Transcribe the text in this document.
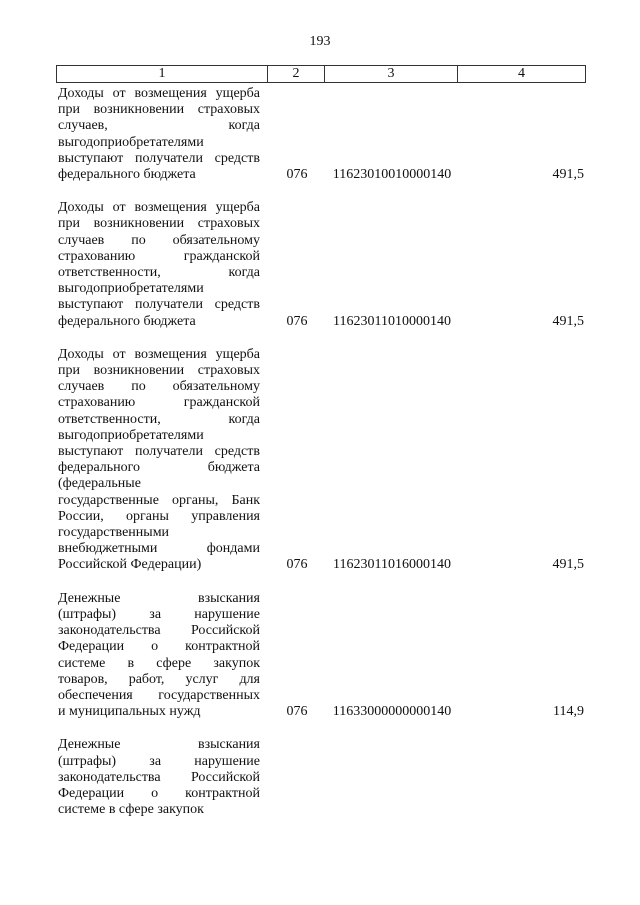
193
1	2	3	4
Доходы от возмещения ущерба
при возникновении страховых
случаев, когда
выгодоприобретателями
выступают получатели средств
федерального бюджета	076	11623010010000140	491,5
Доходы от возмещения ущерба
при возникновении страховых
случаев по обязательному
страхованию гражданской
ответственности, когда
выгодоприобретателями
выступают получатели средств
федерального бюджета	076	11623011010000140	491,5
Доходы от возмещения ущерба
при возникновении страховых
случаев по обязательному
страхованию гражданской
ответственности, когда
выгодоприобретателями
выступают получатели средств
федерального бюджета
(федеральные
государственные органы, Банк
России, органы управления
государственными
внебюджетными фондами
Российской Федерации)	076	11623011016000140	491,5
Денежные взыскания
(штрафы) за нарушение
законодательства Российской
Федерации о контрактной
системе в сфере закупок
товаров, работ, услуг для
обеспечения государственных
и муниципальных нужд	076	11633000000000140	114,9
Денежные взыскания
(штрафы) за нарушение
законодательства Российской
Федерации о контрактной
системе в сфере закупок
